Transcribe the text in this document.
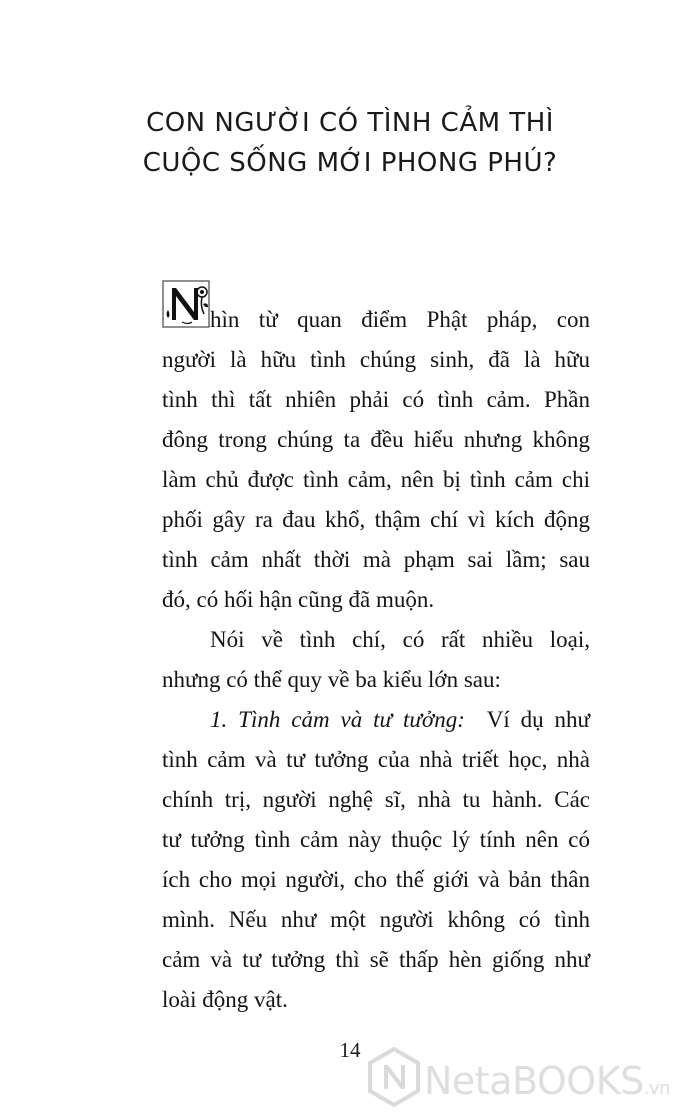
CON NGƯỜI CÓ TÌNH CẢM THÌ
CUỘC SỐNG MỚI PHONG PHÚ?
hìn từ quan điểm Phật pháp, con
người là hữu tình chúng sinh, đã là hữu
tình thì tất nhiên phải có tình cảm. Phần
đông trong chúng ta đều hiểu nhưng không
làm chủ được tình cảm, nên bị tình cảm chi
phối gây ra đau khổ, thậm chí vì kích động
tình cảm nhất thời mà phạm sai lầm; sau
đó, có hối hận cũng đã muộn.
Nói về tình chí, có rất nhiều loại,
nhưng có thể quy về ba kiểu lớn sau:
1. Tình cảm và tư tưởng: Ví dụ như
tình cảm và tư tưởng của nhà triết học, nhà
chính trị, người nghệ sĩ, nhà tu hành. Các
tư tưởng tình cảm này thuộc lý tính nên có
ích cho mọi người, cho thế giới và bản thân
mình. Nếu như một người không có tình
cảm và tư tưởng thì sẽ thấp hèn giống như
loài động vật.
14
NetaBOOKS.vn
